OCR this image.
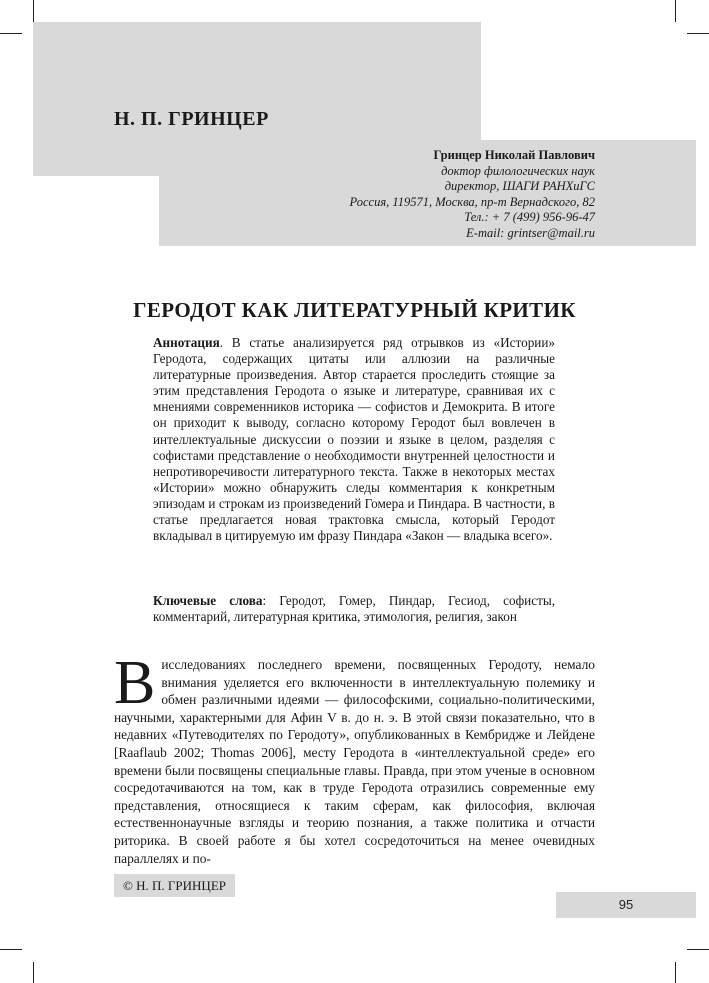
Н. П. ГРИНЦЕР
Гринцер Николай Павлович
доктор филологических наук
директор, ШАГИ РАНХиГС
Россия, 119571, Москва, пр-т Вернадского, 82
Тел.: + 7 (499) 956-96-47
E-mail: grintser@mail.ru
ГЕРОДОТ КАК ЛИТЕРАТУРНЫЙ КРИТИК
Аннотация. В статье анализируется ряд отрывков из «Истории» Геродота, содержащих цитаты или аллюзии на различные литературные произведения. Автор старается проследить стоящие за этим представления Геродота о языке и литературе, сравнивая их с мнениями современников историка — софистов и Демокрита. В итоге он приходит к выводу, согласно которому Геродот был вовлечен в интеллектуальные дискуссии о поэзии и языке в целом, разделяя с софистами представление о необходимости внутренней целостности и непротиворечивости литературного текста. Также в некоторых местах «Истории» можно обнаружить следы комментария к конкретным эпизодам и строкам из произведений Гомера и Пиндара. В частности, в статье предлагается новая трактовка смысла, который Геродот вкладывал в цитируемую им фразу Пиндара «Закон — владыка всего».
Ключевые слова: Геродот, Гомер, Пиндар, Гесиод, софисты, комментарий, литературная критика, этимология, религия, закон
Висследованиях последнего времени, посвященных Геродоту, немало внимания уделяется его включенности в интеллектуальную полемику и обмен различными идеями — философскими, социально-политическими, научными, характерными для Афин V в. до н. э. В этой связи показательно, что в недавних «Путеводителях по Геродоту», опубликованных в Кембридже и Лейдене [Raaflaub 2002; Thomas 2006], месту Геродота в «интеллектуальной среде» его времени были посвящены специальные главы. Правда, при этом ученые в основном сосредотачиваются на том, как в труде Геродота отразились современные ему представления, относящиеся к таким сферам, как философия, включая естественнонаучные взгляды и теорию познания, а также политика и отчасти риторика. В своей работе я бы хотел сосредоточиться на менее очевидных параллелях и по-
© Н. П. ГРИНЦЕР
95
